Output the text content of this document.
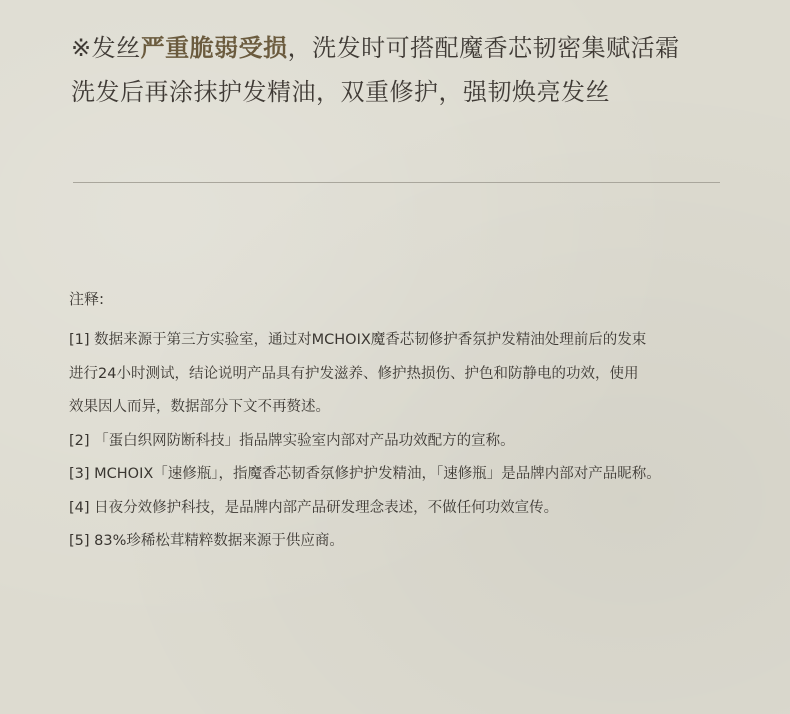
※发丝严重脆弱受损，洗发时可搭配魔香芯韧密集赋活霜
洗发后再涂抹护发精油，双重修护，强韧焕亮发丝
注释:
[1] 数据来源于第三方实验室，通过对MCHOIX魔香芯韧修护香氛护发精油处理前后的发束
进行24小时测试，结论说明产品具有护发滋养、修护热损伤、护色和防静电的功效，使用
效果因人而异，数据部分下文不再赘述。
[2] 「蛋白织网防断科技」指品牌实验室内部对产品功效配方的宣称。
[3] MCHOIX「速修瓶」，指魔香芯韧香氛修护护发精油，「速修瓶」是品牌内部对产品昵称。
[4] 日夜分效修护科技，是品牌内部产品研发理念表述，不做任何功效宣传。
[5] 83%珍稀松茸精粹数据来源于供应商。
